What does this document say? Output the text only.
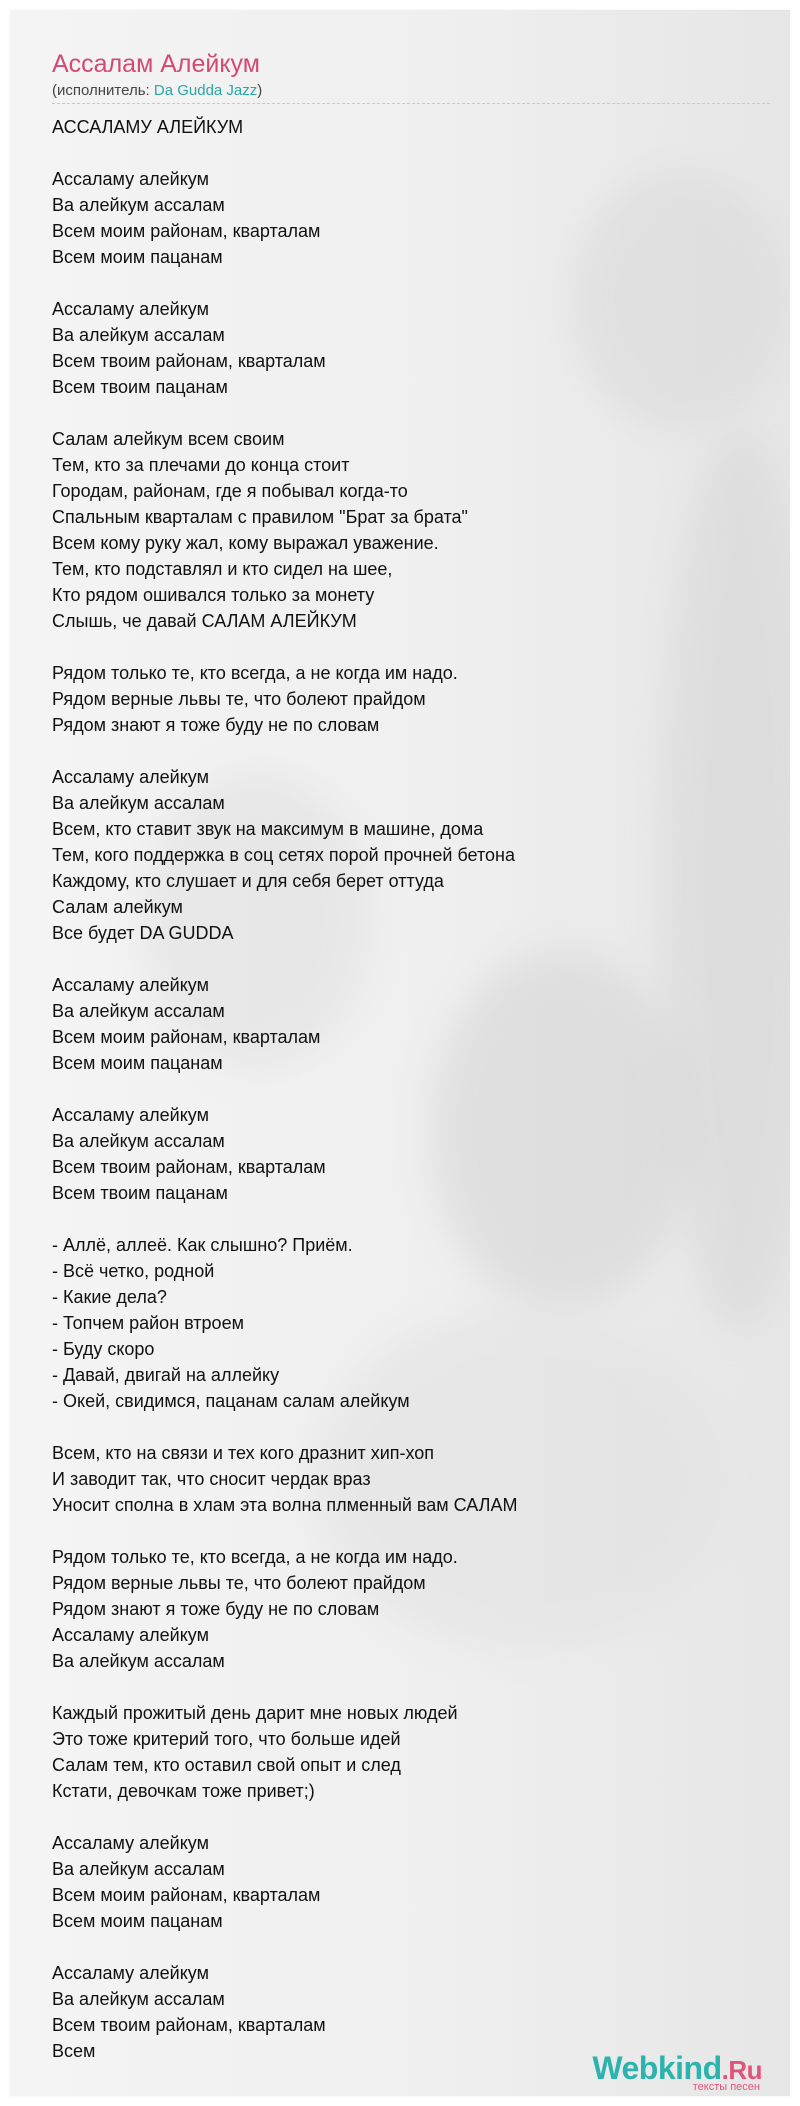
Ассалам Алейкум
(исполнитель: Da Gudda Jazz)
АССАЛАМУ АЛЕЙКУМ
Ассаламу алейкум
Ва алейкум ассалам
Всем моим районам, кварталам
Всем моим пацанам
Ассаламу алейкум
Ва алейкум ассалам
Всем твоим районам, кварталам
Всем твоим пацанам
Салам алейкум всем своим
Тем, кто за плечами до конца стоит
Городам, районам, где я побывал когда-то
Спальным кварталам с правилом "Брат за брата"
Всем кому руку жал, кому выражал уважение.
Тем, кто подставлял и кто сидел на шее,
Кто рядом ошивался только за монету
Слышь, че давай САЛАМ АЛЕЙКУМ
Рядом только те, кто всегда, а не когда им надо.
Рядом верные львы те, что болеют прайдом
Рядом знают я тоже буду не по словам
Ассаламу алейкум
Ва алейкум ассалам
Всем, кто ставит звук на максимум в машине, дома
Тем, кого поддержка в соц сетях порой прочней бетона
Каждому, кто слушает и для себя берет оттуда
Салам алейкум
Все будет DA GUDDA
Ассаламу алейкум
Ва алейкум ассалам
Всем моим районам, кварталам
Всем моим пацанам
Ассаламу алейкум
Ва алейкум ассалам
Всем твоим районам, кварталам
Всем твоим пацанам
- Аллё, аллеё. Как слышно? Приём.
- Всё четко, родной
- Какие дела?
- Топчем район втроем
- Буду скоро
- Давай, двигай на аллейку
- Окей, свидимся, пацанам салам алейкум
Всем, кто на связи и тех кого дразнит хип-хоп
И заводит так, что сносит чердак враз
Уносит сполна в хлам эта волна плменный вам САЛАМ
Рядом только те, кто всегда, а не когда им надо.
Рядом верные львы те, что болеют прайдом
Рядом знают я тоже буду не по словам
Ассаламу алейкум
Ва алейкум ассалам
Каждый прожитый день дарит мне новых людей
Это тоже критерий того, что больше идей
Салам тем, кто оставил свой опыт и след
Кстати, девочкам тоже привет;)
Ассаламу алейкум
Ва алейкум ассалам
Всем моим районам, кварталам
Всем моим пацанам
Ассаламу алейкум
Ва алейкум ассалам
Всем твоим районам, кварталам
Всем	Webkind.Ru
тексты песен
